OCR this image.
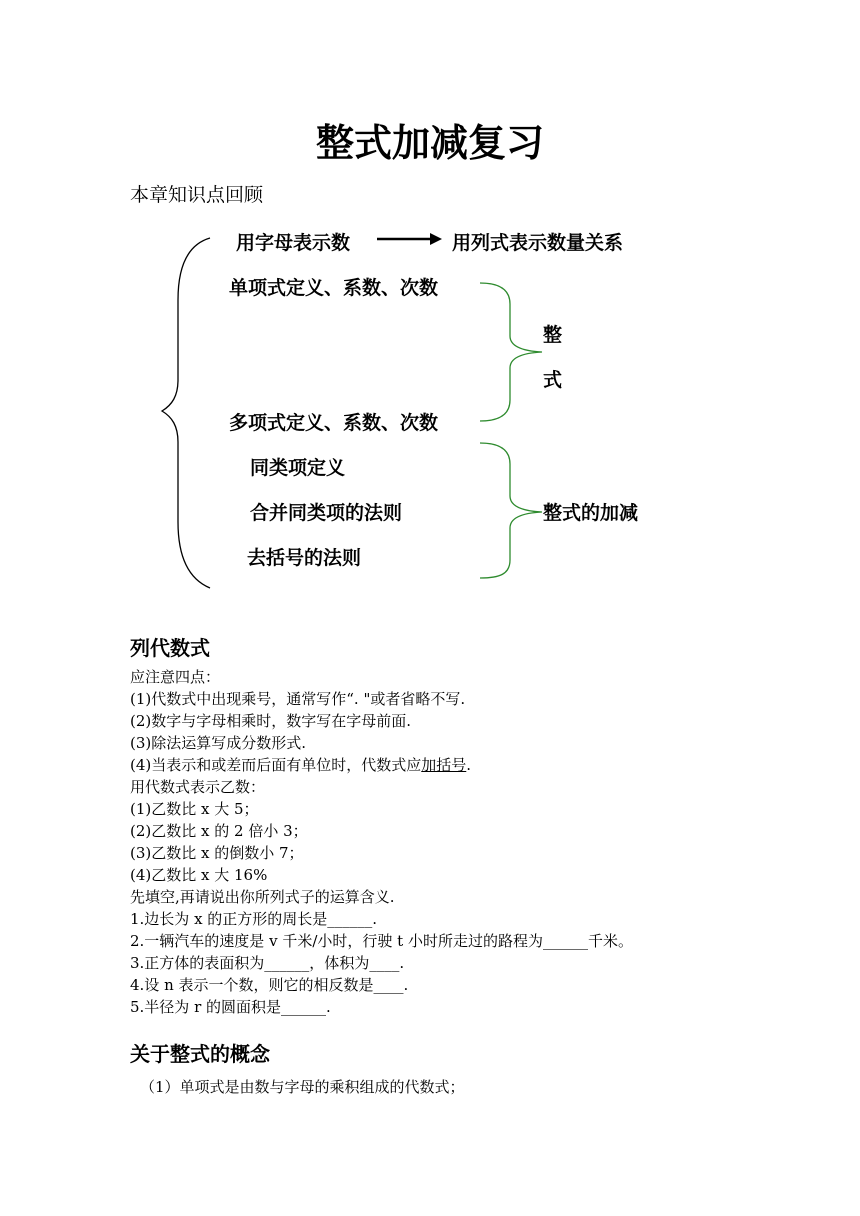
整式加减复习
本章知识点回顾
用字母表示数	用列式表示数量关系
单项式定义、系数、次数
整
式
多项式定义、系数、次数
同类项定义
合并同类项的法则	整式的加减
去括号的法则
列代数式
应注意四点：
(1)代数式中出现乘号，通常写作“. "或者省略不写.
(2)数字与字母相乘时，数字写在字母前面.
(3)除法运算写成分数形式.
(4)当表示和或差而后面有单位时，代数式应加括号.
用代数式表示乙数：
(1)乙数比 x 大 5；
(2)乙数比 x 的 2 倍小 3；
(3)乙数比 x 的倒数小 7；
(4)乙数比 x 大 16%
先填空,再请说出你所列式子的运算含义.
1.边长为 x 的正方形的周长是______.
2.一辆汽车的速度是 v 千米/小时，行驶 t 小时所走过的路程为______千米。
3.正方体的表面积为______，体积为____.
4.设 n 表示一个数，则它的相反数是____.
5.半径为 r 的圆面积是______.
关于整式的概念
（1）单项式是由数与字母的乘积组成的代数式；
